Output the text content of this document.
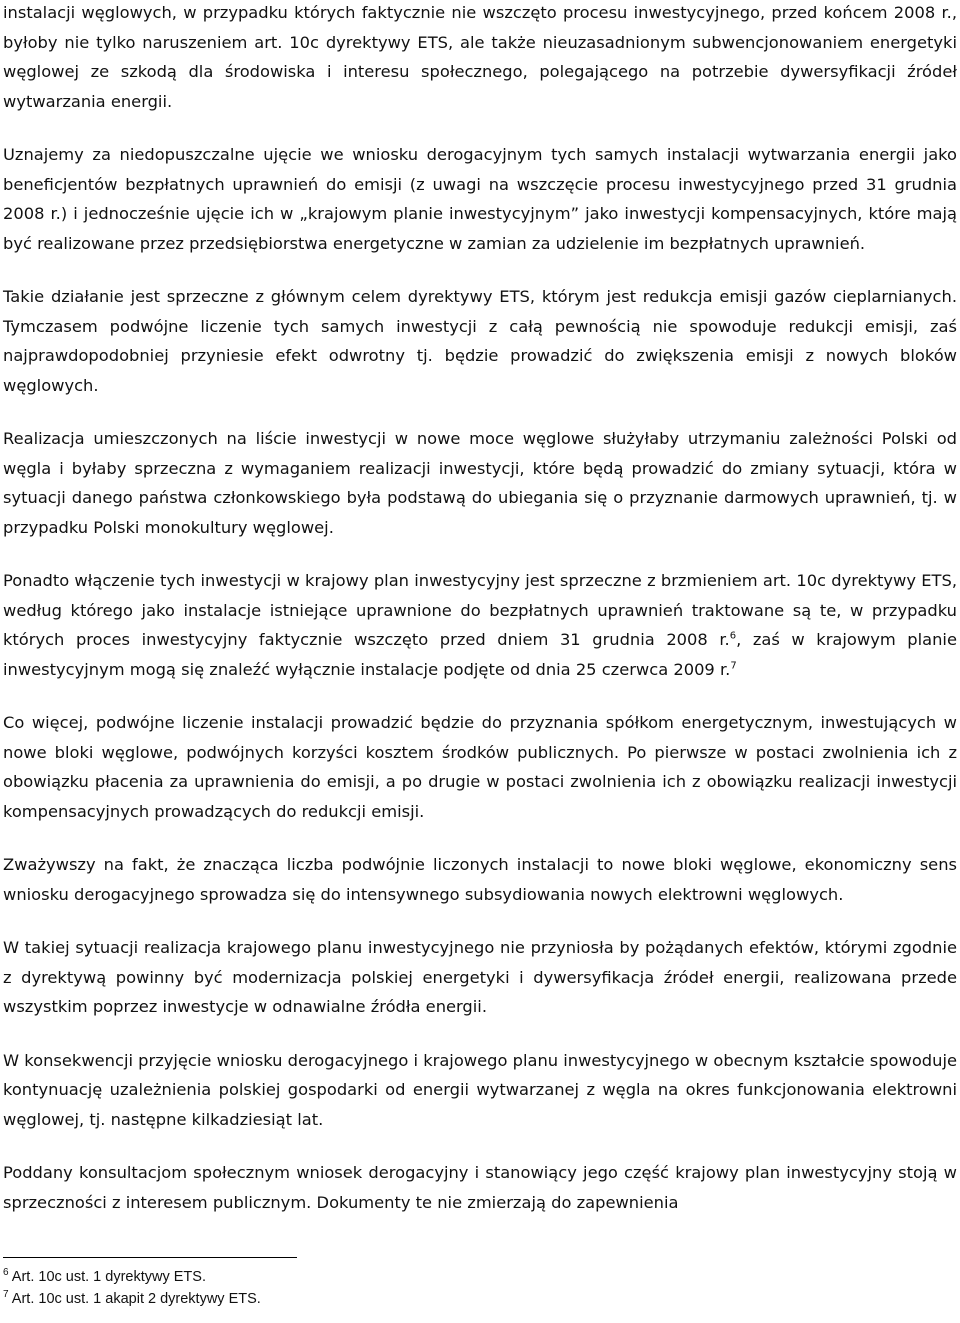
instalacji węglowych, w przypadku których faktycznie nie wszczęto procesu inwestycyjnego, przed końcem 2008 r., byłoby nie tylko naruszeniem art. 10c dyrektywy ETS, ale także nieuzasadnionym subwencjonowaniem energetyki węglowej ze szkodą dla środowiska i interesu społecznego, polegającego na potrzebie dywersyfikacji źródeł wytwarzania energii.

Uznajemy za niedopuszczalne ujęcie we wniosku derogacyjnym tych samych instalacji wytwarzania energii jako beneficjentów bezpłatnych uprawnień do emisji (z uwagi na wszczęcie procesu inwestycyjnego przed 31 grudnia 2008 r.) i jednocześnie ujęcie ich w „krajowym planie inwestycyjnym” jako inwestycji kompensacyjnych, które mają być realizowane przez przedsiębiorstwa energetyczne w zamian za udzielenie im bezpłatnych uprawnień.

Takie działanie jest sprzeczne z głównym celem dyrektywy ETS, którym jest redukcja emisji gazów cieplarnianych. Tymczasem podwójne liczenie tych samych inwestycji z całą pewnością nie spowoduje redukcji emisji, zaś najprawdopodobniej przyniesie efekt odwrotny tj. będzie prowadzić do zwiększenia emisji z nowych bloków węglowych.

Realizacja umieszczonych na liście inwestycji w nowe moce węglowe służyłaby utrzymaniu zależności Polski od węgla i byłaby sprzeczna z wymaganiem realizacji inwestycji, które będą prowadzić do zmiany sytuacji, która w sytuacji danego państwa członkowskiego była podstawą do ubiegania się o przyznanie darmowych uprawnień, tj. w przypadku Polski monokultury węglowej.

Ponadto włączenie tych inwestycji w krajowy plan inwestycyjny jest sprzeczne z brzmieniem art. 10c dyrektywy ETS, według którego jako instalacje istniejące uprawnione do bezpłatnych uprawnień traktowane są te, w przypadku których proces inwestycyjny faktycznie wszczęto przed dniem 31 grudnia 2008 r.$^6$, zaś w krajowym planie inwestycyjnym mogą się znaleźć wyłącznie instalacje podjęte od dnia 25 czerwca 2009 r.$^7$

Co więcej, podwójne liczenie instalacji prowadzić będzie do przyznania spółkom energetycznym, inwestujących w nowe bloki węglowe, podwójnych korzyści kosztem środków publicznych. Po pierwsze w postaci zwolnienia ich z obowiązku płacenia za uprawnienia do emisji, a po drugie w postaci zwolnienia ich z obowiązku realizacji inwestycji kompensacyjnych prowadzących do redukcji emisji.

Zważywszy na fakt, że znacząca liczba podwójnie liczonych instalacji to nowe bloki węglowe, ekonomiczny sens wniosku derogacyjnego sprowadza się do intensywnego subsydiowania nowych elektrowni węglowych.

W takiej sytuacji realizacja krajowego planu inwestycyjnego nie przyniosła by pożądanych efektów, którymi zgodnie z dyrektywą powinny być modernizacja polskiej energetyki i dywersyfikacja źródeł energii, realizowana przede wszystkim poprzez inwestycje w odnawialne źródła energii.

W konsekwencji przyjęcie wniosku derogacyjnego i krajowego planu inwestycyjnego w obecnym kształcie spowoduje kontynuację uzależnienia polskiej gospodarki od energii wytwarzanej z węgla na okres funkcjonowania elektrowni węglowej, tj. następne kilkadziesiąt lat.

Poddany konsultacjom społecznym wniosek derogacyjny i stanowiący jego część krajowy plan inwestycyjny stoją w sprzeczności z interesem publicznym. Dokumenty te nie zmierzają do zapewnienia

$^6$ Art. 10c ust. 1 dyrektywy ETS.

$^7$ Art. 10c ust. 1 akapit 2 dyrektywy ETS.
